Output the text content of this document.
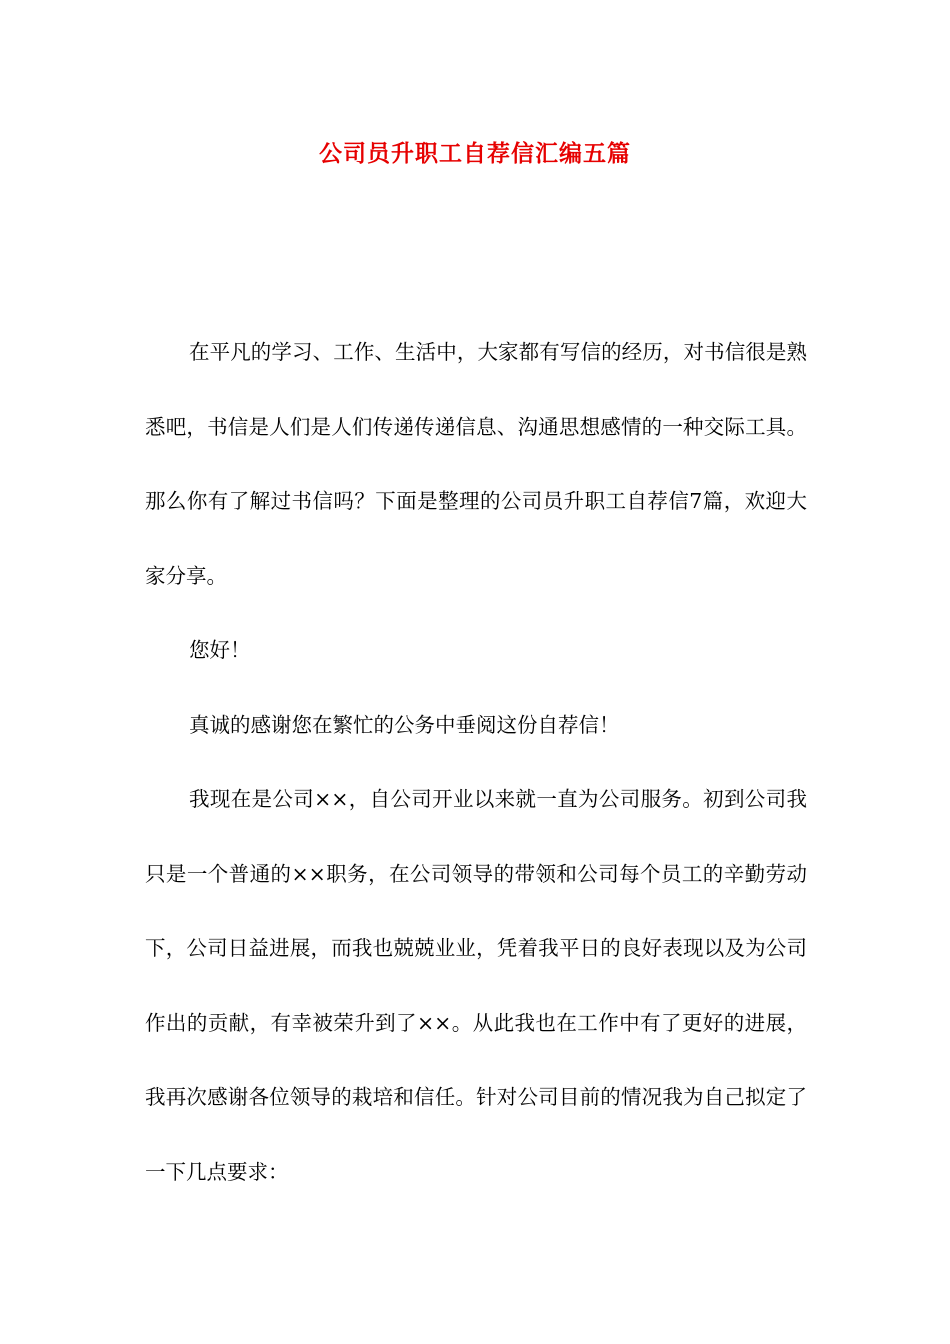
公司员升职工自荐信汇编五篇

在平凡的学习、工作、生活中，大家都有写信的经历，对书信很是熟悉吧，书信是人们是人们传递传递信息、沟通思想感情的一种交际工具。那么你有了解过书信吗？下面是整理的公司员升职工自荐信7篇，欢迎大家分享。

您好！

真诚的感谢您在繁忙的公务中垂阅这份自荐信！

我现在是公司××，自公司开业以来就一直为公司服务。初到公司我只是一个普通的××职务，在公司领导的带领和公司每个员工的辛勤劳动下，公司日益进展，而我也兢兢业业，凭着我平日的良好表现以及为公司作出的贡献，有幸被荣升到了××。从此我也在工作中有了更好的进展，我再次感谢各位领导的栽培和信任。针对公司目前的情况我为自己拟定了一下几点要求：
